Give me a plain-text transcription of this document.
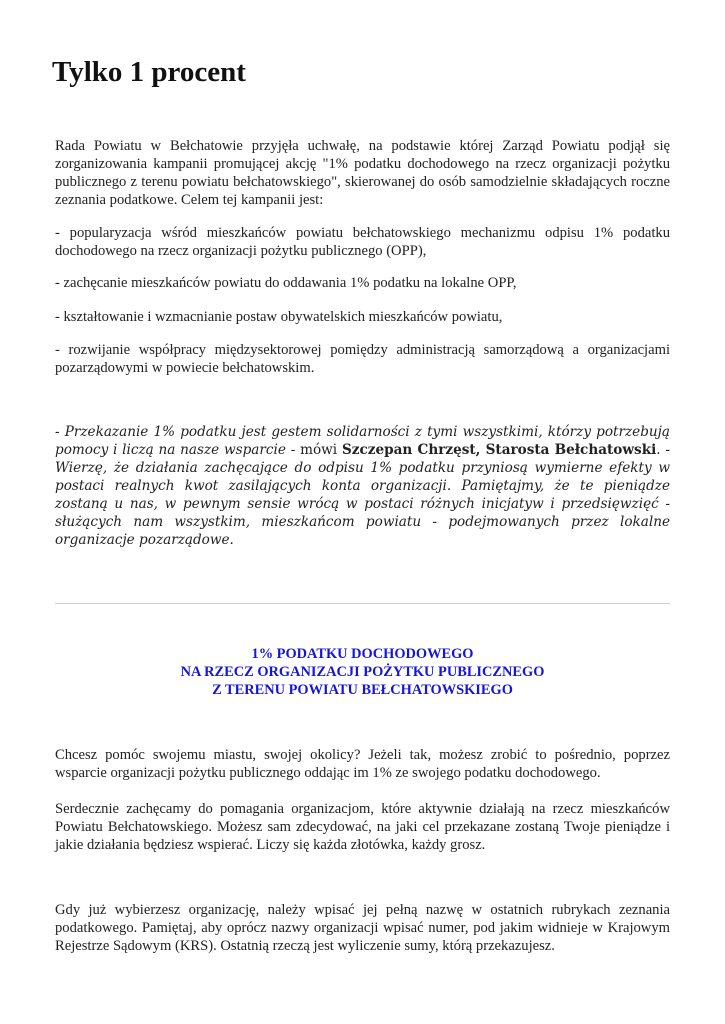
Tylko 1 procent

Rada Powiatu w Bełchatowie przyjęła uchwałę, na podstawie której Zarząd Powiatu podjął się zorganizowania kampanii promującej akcję "1% podatku dochodowego na rzecz organizacji pożytku publicznego z terenu powiatu bełchatowskiego", skierowanej do osób samodzielnie składających roczne zeznania podatkowe. Celem tej kampanii jest:

- popularyzacja wśród mieszkańców powiatu bełchatowskiego mechanizmu odpisu 1% podatku dochodowego na rzecz organizacji pożytku publicznego (OPP),

- zachęcanie mieszkańców powiatu do oddawania 1% podatku na lokalne OPP,

- kształtowanie i wzmacnianie postaw obywatelskich mieszkańców powiatu,

- rozwijanie współpracy międzysektorowej pomiędzy administracją samorządową a organizacjami pozarządowymi w powiecie bełchatowskim.

- Przekazanie 1% podatku jest gestem solidarności z tymi wszystkimi, którzy potrzebują pomocy i liczą na nasze wsparcie - mówi Szczepan Chrzęst, Starosta Bełchatowski. - Wierzę, że działania zachęcające do odpisu 1% podatku przyniosą wymierne efekty w postaci realnych kwot zasilających konta organizacji. Pamiętajmy, że te pieniądze zostaną u nas, w pewnym sensie wrócą w postaci różnych inicjatyw i przedsięwzięć - służących nam wszystkim, mieszkańcom powiatu - podejmowanych przez lokalne organizacje pozarządowe.

1% PODATKU DOCHODOWEGO
NA RZECZ ORGANIZACJI POŻYTKU PUBLICZNEGO
Z TERENU POWIATU BEŁCHATOWSKIEGO

Chcesz pomóc swojemu miastu, swojej okolicy? Jeżeli tak, możesz zrobić to pośrednio, poprzez wsparcie organizacji pożytku publicznego oddając im 1% ze swojego podatku dochodowego.

Serdecznie zachęcamy do pomagania organizacjom, które aktywnie działają na rzecz mieszkańców Powiatu Bełchatowskiego. Możesz sam zdecydować, na jaki cel przekazane zostaną Twoje pieniądze i jakie działania będziesz wspierać. Liczy się każda złotówka, każdy grosz.

Gdy już wybierzesz organizację, należy wpisać jej pełną nazwę w ostatnich rubrykach zeznania podatkowego. Pamiętaj, aby oprócz nazwy organizacji wpisać numer, pod jakim widnieje w Krajowym Rejestrze Sądowym (KRS). Ostatnią rzeczą jest wyliczenie sumy, którą przekazujesz.
